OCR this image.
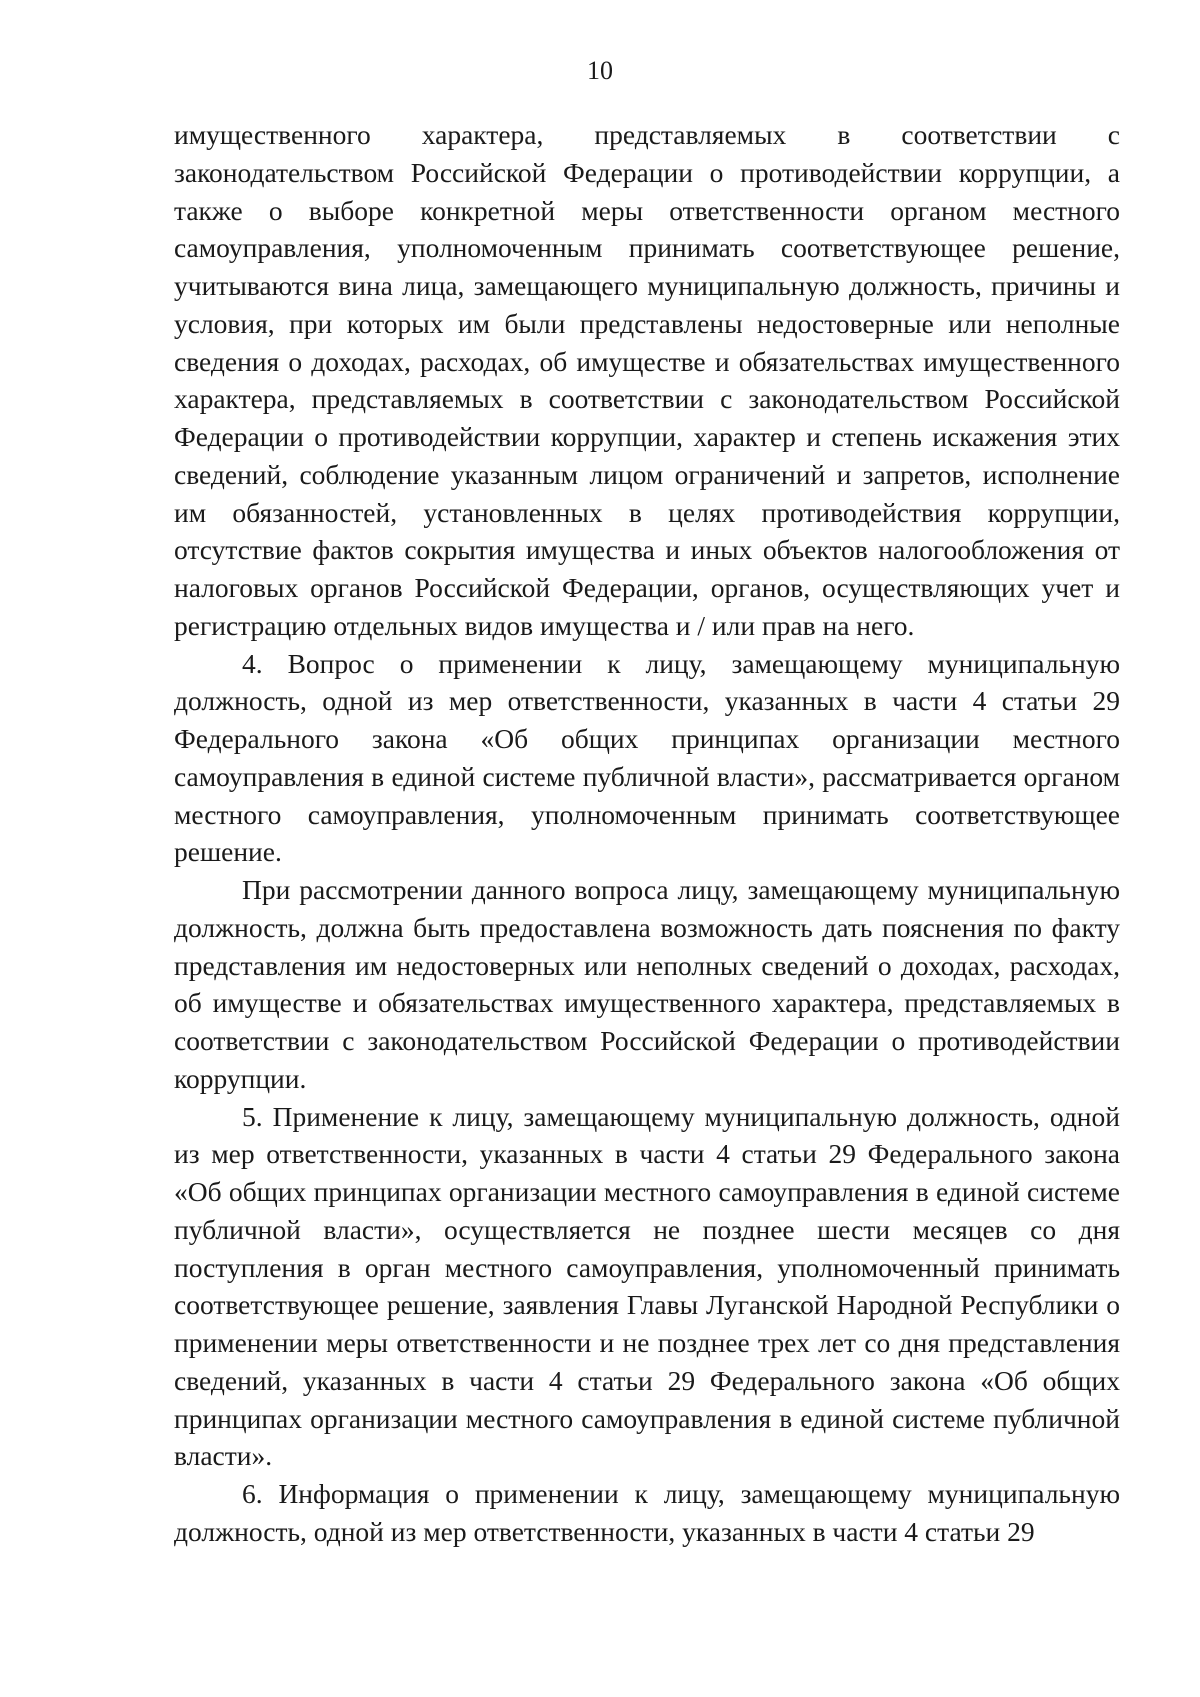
10

имущественного характера, представляемых в соответствии с законодательством Российской Федерации о противодействии коррупции, а также о выборе конкретной меры ответственности органом местного самоуправления, уполномоченным принимать соответствующее решение, учитываются вина лица, замещающего муниципальную должность, причины и условия, при которых им были представлены недостоверные или неполные сведения о доходах, расходах, об имуществе и обязательствах имущественного характера, представляемых в соответствии с законодательством Российской Федерации о противодействии коррупции, характер и степень искажения этих сведений, соблюдение указанным лицом ограничений и запретов, исполнение им обязанностей, установленных в целях противодействия коррупции, отсутствие фактов сокрытия имущества и иных объектов налогообложения от налоговых органов Российской Федерации, органов, осуществляющих учет и регистрацию отдельных видов имущества и / или прав на него.

4. Вопрос о применении к лицу, замещающему муниципальную должность, одной из мер ответственности, указанных в части 4 статьи 29 Федерального закона «Об общих принципах организации местного самоуправления в единой системе публичной власти», рассматривается органом местного самоуправления, уполномоченным принимать соответствующее решение.

При рассмотрении данного вопроса лицу, замещающему муниципальную должность, должна быть предоставлена возможность дать пояснения по факту представления им недостоверных или неполных сведений о доходах, расходах, об имуществе и обязательствах имущественного характера, представляемых в соответствии с законодательством Российской Федерации о противодействии коррупции.

5. Применение к лицу, замещающему муниципальную должность, одной из мер ответственности, указанных в части 4 статьи 29 Федерального закона «Об общих принципах организации местного самоуправления в единой системе публичной власти», осуществляется не позднее шести месяцев со дня поступления в орган местного самоуправления, уполномоченный принимать соответствующее решение, заявления Главы Луганской Народной Республики о применении меры ответственности и не позднее трех лет со дня представления сведений, указанных в части 4 статьи 29 Федерального закона «Об общих принципах организации местного самоуправления в единой системе публичной власти».

6. Информация о применении к лицу, замещающему муниципальную должность, одной из мер ответственности, указанных в части 4 статьи 29
